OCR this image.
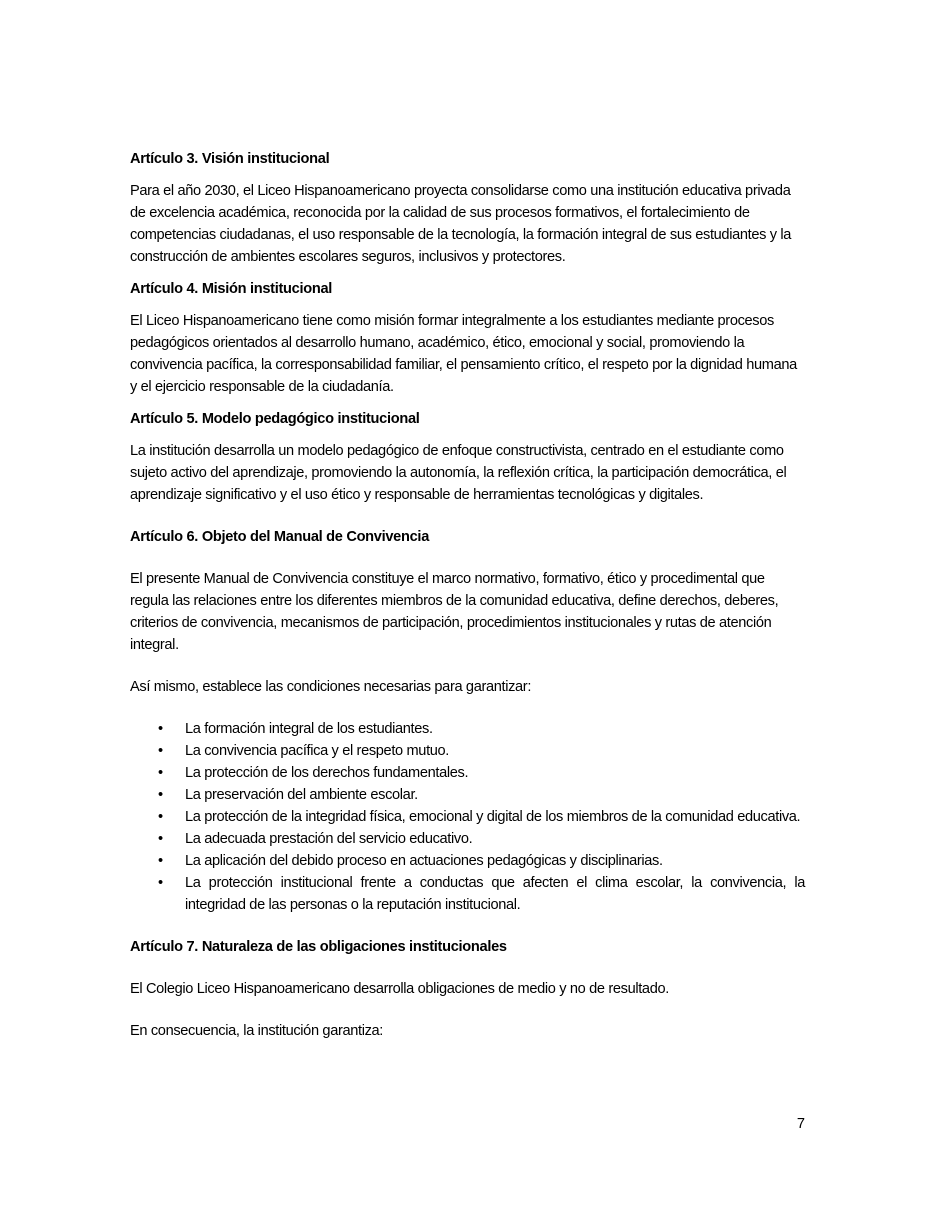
Artículo 3. Visión institucional

Para el año 2030, el Liceo Hispanoamericano proyecta consolidarse como una institución educativa privada de excelencia académica, reconocida por la calidad de sus procesos formativos, el fortalecimiento de competencias ciudadanas, el uso responsable de la tecnología, la formación integral de sus estudiantes y la construcción de ambientes escolares seguros, inclusivos y protectores.

Artículo 4. Misión institucional

El Liceo Hispanoamericano tiene como misión formar integralmente a los estudiantes mediante procesos pedagógicos orientados al desarrollo humano, académico, ético, emocional y social, promoviendo la convivencia pacífica, la corresponsabilidad familiar, el pensamiento crítico, el respeto por la dignidad humana y el ejercicio responsable de la ciudadanía.

Artículo 5. Modelo pedagógico institucional

La institución desarrolla un modelo pedagógico de enfoque constructivista, centrado en el estudiante como sujeto activo del aprendizaje, promoviendo la autonomía, la reflexión crítica, la participación democrática, el aprendizaje significativo y el uso ético y responsable de herramientas tecnológicas y digitales.

Artículo 6. Objeto del Manual de Convivencia

El presente Manual de Convivencia constituye el marco normativo, formativo, ético y procedimental que regula las relaciones entre los diferentes miembros de la comunidad educativa, define derechos, deberes, criterios de convivencia, mecanismos de participación, procedimientos institucionales y rutas de atención integral.

Así mismo, establece las condiciones necesarias para garantizar:

• La formación integral de los estudiantes.
• La convivencia pacífica y el respeto mutuo.
• La protección de los derechos fundamentales.
• La preservación del ambiente escolar.
• La protección de la integridad física, emocional y digital de los miembros de la comunidad educativa.
• La adecuada prestación del servicio educativo.
• La aplicación del debido proceso en actuaciones pedagógicas y disciplinarias.
• La protección institucional frente a conductas que afecten el clima escolar, la convivencia, la integridad de las personas o la reputación institucional.
Artículo 7. Naturaleza de las obligaciones institucionales

El Colegio Liceo Hispanoamericano desarrolla obligaciones de medio y no de resultado.

En consecuencia, la institución garantiza:

7
